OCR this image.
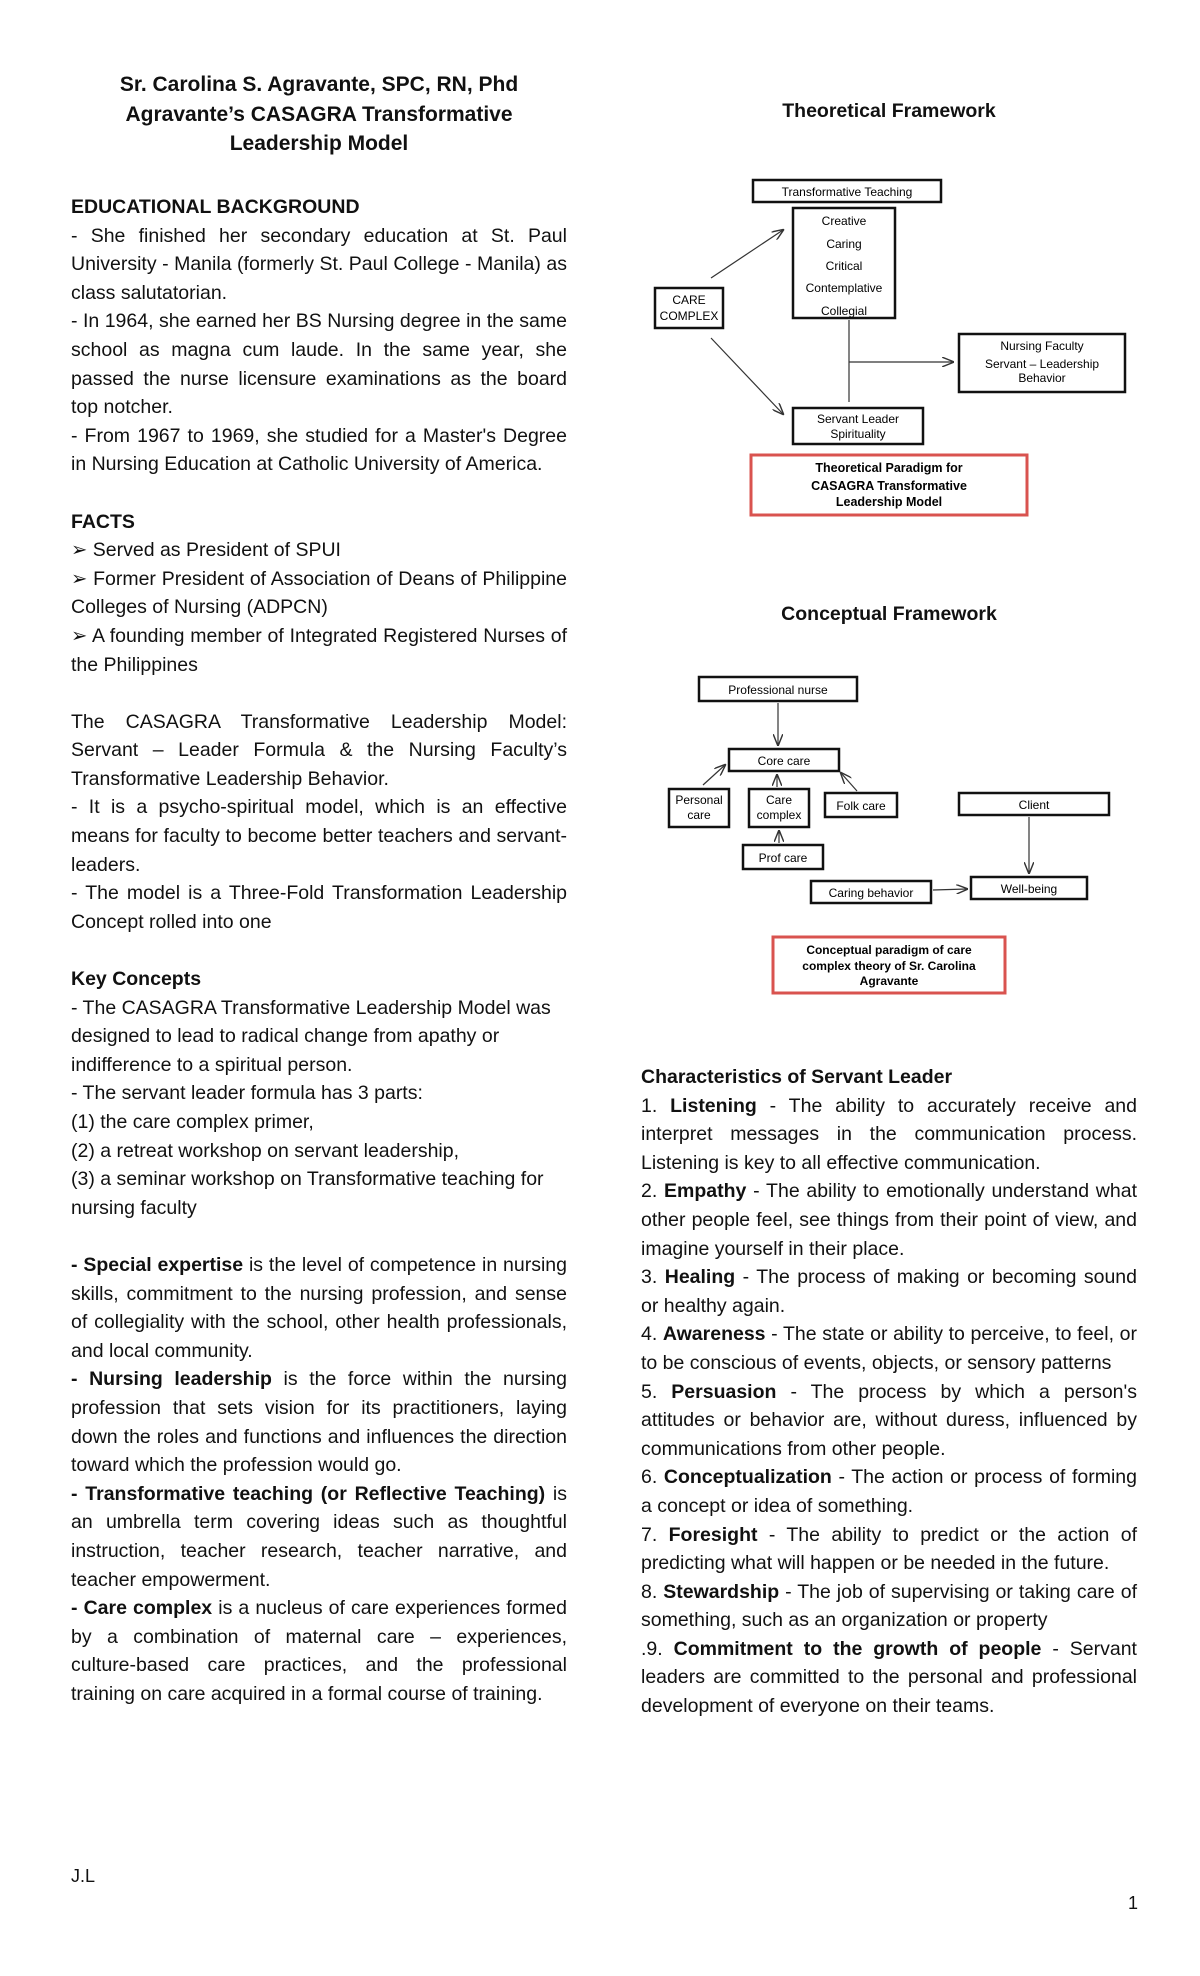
Sr. Carolina S. Agravante, SPC, RN, Phd
Agravante’s CASAGRA Transformative
Leadership Model

EDUCATIONAL BACKGROUND

- She finished her secondary education at St. Paul University - Manila (formerly St. Paul College - Manila) as class salutatorian.

- In 1964, she earned her BS Nursing degree in the same school as magna cum laude. In the same year, she passed the nurse licensure examinations as the board top notcher.

- From 1967 to 1969, she studied for a Master's Degree in Nursing Education at Catholic University of America.

FACTS

➢ Served as President of SPUI

➢ Former President of Association of Deans of Philippine Colleges of Nursing (ADPCN)

➢ A founding member of Integrated Registered Nurses of the Philippines

The CASAGRA Transformative Leadership Model: Servant – Leader Formula & the Nursing Faculty’s Transformative Leadership Behavior.

- It is a psycho-spiritual model, which is an effective means for faculty to become better teachers and servant-leaders.

- The model is a Three-Fold Transformation Leadership Concept rolled into one

Key Concepts

- The CASAGRA Transformative Leadership Model was designed to lead to radical change from apathy or indifference to a spiritual person.

- The servant leader formula has 3 parts:

(1) the care complex primer,

(2) a retreat workshop on servant leadership,

(3) a seminar workshop on Transformative teaching for nursing faculty

- Special expertise is the level of competence in nursing skills, commitment to the nursing profession, and sense of collegiality with the school, other health professionals, and local community.

- Nursing leadership is the force within the nursing profession that sets vision for its practitioners, laying down the roles and functions and influences the direction toward which the profession would go.

- Transformative teaching (or Reflective Teaching) is an umbrella term covering ideas such as thoughtful instruction, teacher research, teacher narrative, and teacher empowerment.

- Care complex is a nucleus of care experiences formed by a combination of maternal care – experiences, culture-based care practices, and the professional training on care acquired in a formal course of training.

Theoretical Framework
Transformative Teaching
Creative
Caring
Critical
Contemplative
Collegial
CARE
COMPLEX
Nursing Faculty
Servant – Leadership
Behavior
Servant Leader
Spirituality
Theoretical Paradigm for
CASAGRA Transformative
Leadership Model
Conceptual Framework
Professional nurse
Core care
Personal
care
Care
complex
Folk care	Client
Prof care
Caring behavior	Well-being
Conceptual paradigm of care
complex theory of Sr. Carolina
Agravante

Characteristics of Servant Leader

1. Listening - The ability to accurately receive and interpret messages in the communication process. Listening is key to all effective communication.

2. Empathy - The ability to emotionally understand what other people feel, see things from their point of view, and imagine yourself in their place.

3. Healing - The process of making or becoming sound or healthy again.

4. Awareness - The state or ability to perceive, to feel, or to be conscious of events, objects, or sensory patterns

5. Persuasion - The process by which a person's attitudes or behavior are, without duress, influenced by communications from other people.

6. Conceptualization - The action or process of forming a concept or idea of something.

7. Foresight - The ability to predict or the action of predicting what will happen or be needed in the future.

8. Stewardship - The job of supervising or taking care of something, such as an organization or property

.9. Commitment to the growth of people - Servant leaders are committed to the personal and professional development of everyone on their teams.

J.L
1
